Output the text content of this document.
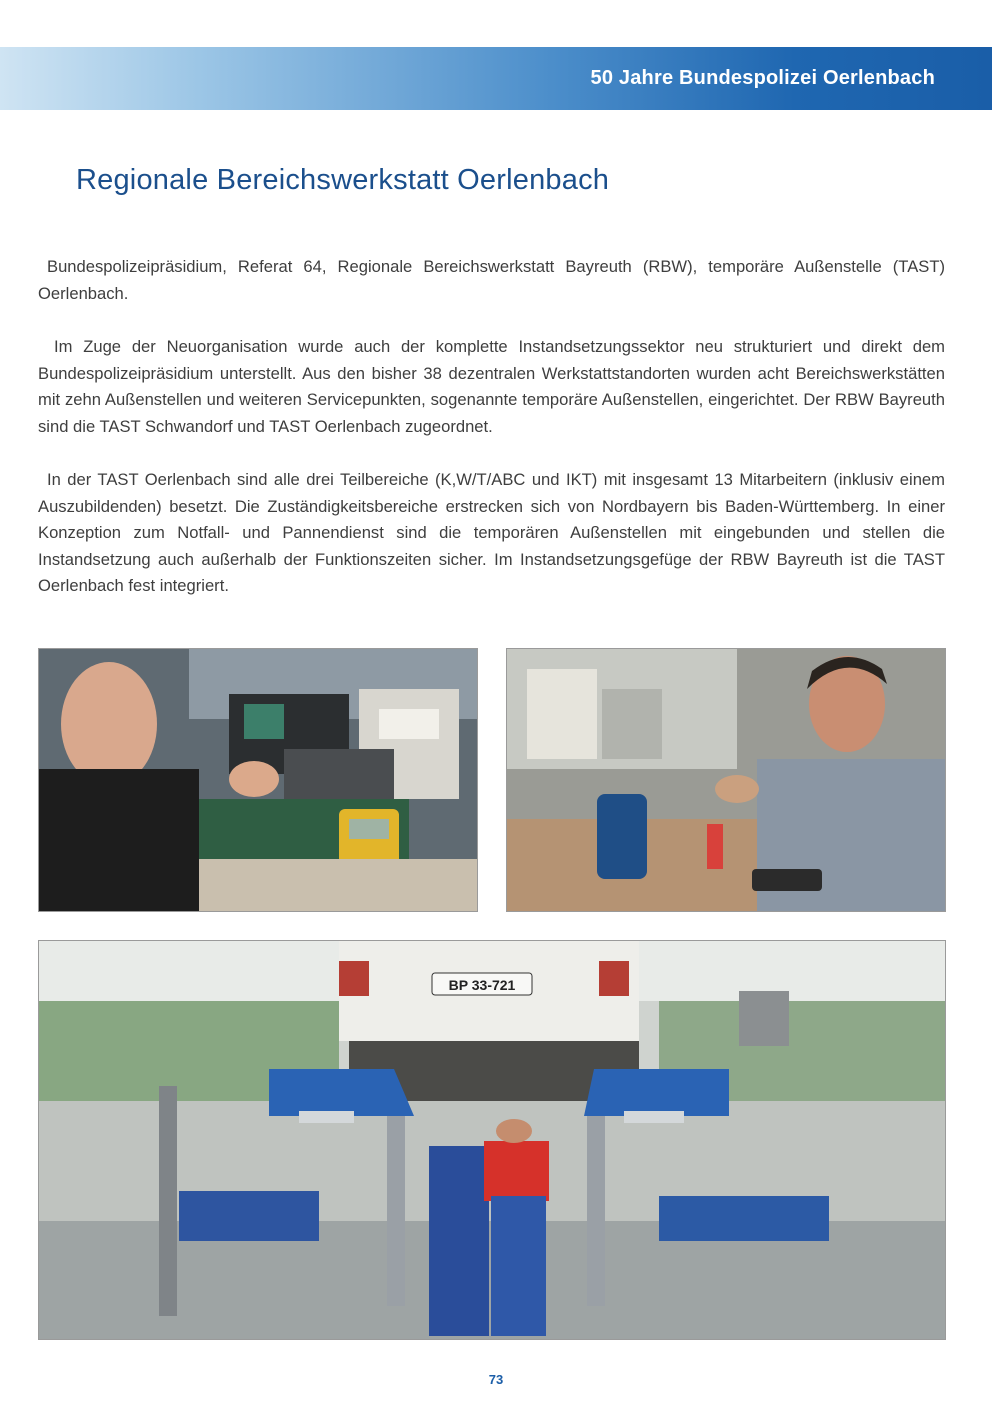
50 Jahre Bundespolizei Oerlenbach
Regionale Bereichswerkstatt Oerlenbach

Bundespolizeipräsidium, Referat 64, Regionale Bereichswerkstatt Bayreuth (RBW), temporäre Außenstelle (TAST) Oerlenbach.

Im Zuge der Neuorganisation wurde auch der komplette Instandsetzungssektor neu strukturiert und direkt dem Bundespolizeipräsidium unterstellt. Aus den bisher 38 dezentralen Werkstattstandorten wurden acht Bereichswerkstätten mit zehn Außenstellen und weiteren Servicepunkten, sogenannte temporäre Außenstellen, eingerichtet. Der RBW Bayreuth sind die TAST Schwandorf und TAST Oerlenbach zugeordnet.

In der TAST Oerlenbach sind alle drei Teilbereiche (K,W/T/ABC und IKT) mit insgesamt 13 Mitarbeitern (inklusiv einem Auszubildenden) besetzt. Die Zuständigkeitsbereiche erstrecken sich von Nordbayern bis Baden-Württemberg. In einer Konzeption zum Notfall- und Pannendienst sind die temporären Außenstellen mit eingebunden und stellen die Instandsetzung auch außerhalb der Funktionszeiten sicher. Im Instandsetzungsgefüge der RBW Bayreuth ist die TAST Oerlenbach fest integriert.

BP 33-721
73
